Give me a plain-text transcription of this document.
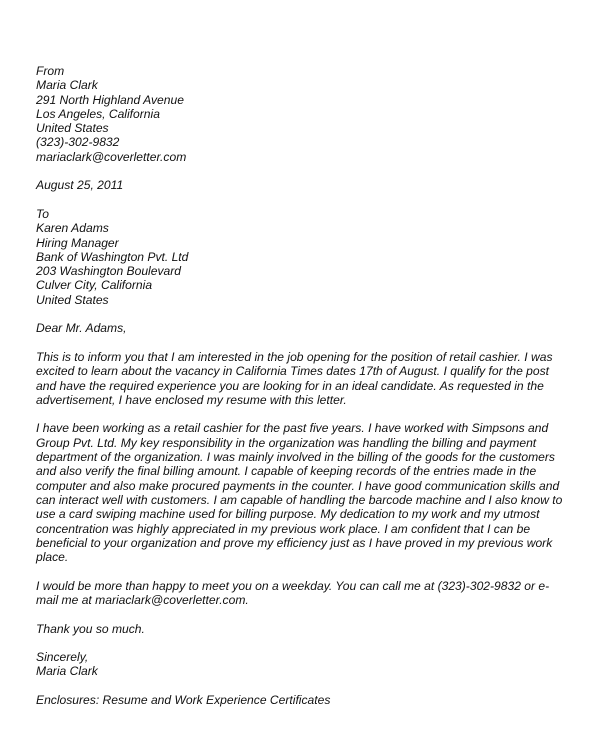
From
Maria Clark
291 North Highland Avenue
Los Angeles, California
United States
(323)-302-9832
mariaclark@coverletter.com
August 25, 2011
To
Karen Adams
Hiring Manager
Bank of Washington Pvt. Ltd
203 Washington Boulevard
Culver City, California
United States
Dear Mr. Adams,
This is to inform you that I am interested in the job opening for the position of retail cashier. I was
excited to learn about the vacancy in California Times dates 17th of August. I qualify for the post
and have the required experience you are looking for in an ideal candidate. As requested in the
advertisement, I have enclosed my resume with this letter.
I have been working as a retail cashier for the past five years. I have worked with Simpsons and
Group Pvt. Ltd. My key responsibility in the organization was handling the billing and payment
department of the organization. I was mainly involved in the billing of the goods for the customers
and also verify the final billing amount. I capable of keeping records of the entries made in the
computer and also make procured payments in the counter. I have good communication skills and
can interact well with customers. I am capable of handling the barcode machine and I also know to
use a card swiping machine used for billing purpose. My dedication to my work and my utmost
concentration was highly appreciated in my previous work place. I am confident that I can be
beneficial to your organization and prove my efficiency just as I have proved in my previous work
place.
I would be more than happy to meet you on a weekday. You can call me at (323)-302-9832 or e-
mail me at mariaclark@coverletter.com.
Thank you so much.
Sincerely,
Maria Clark
Enclosures: Resume and Work Experience Certificates
